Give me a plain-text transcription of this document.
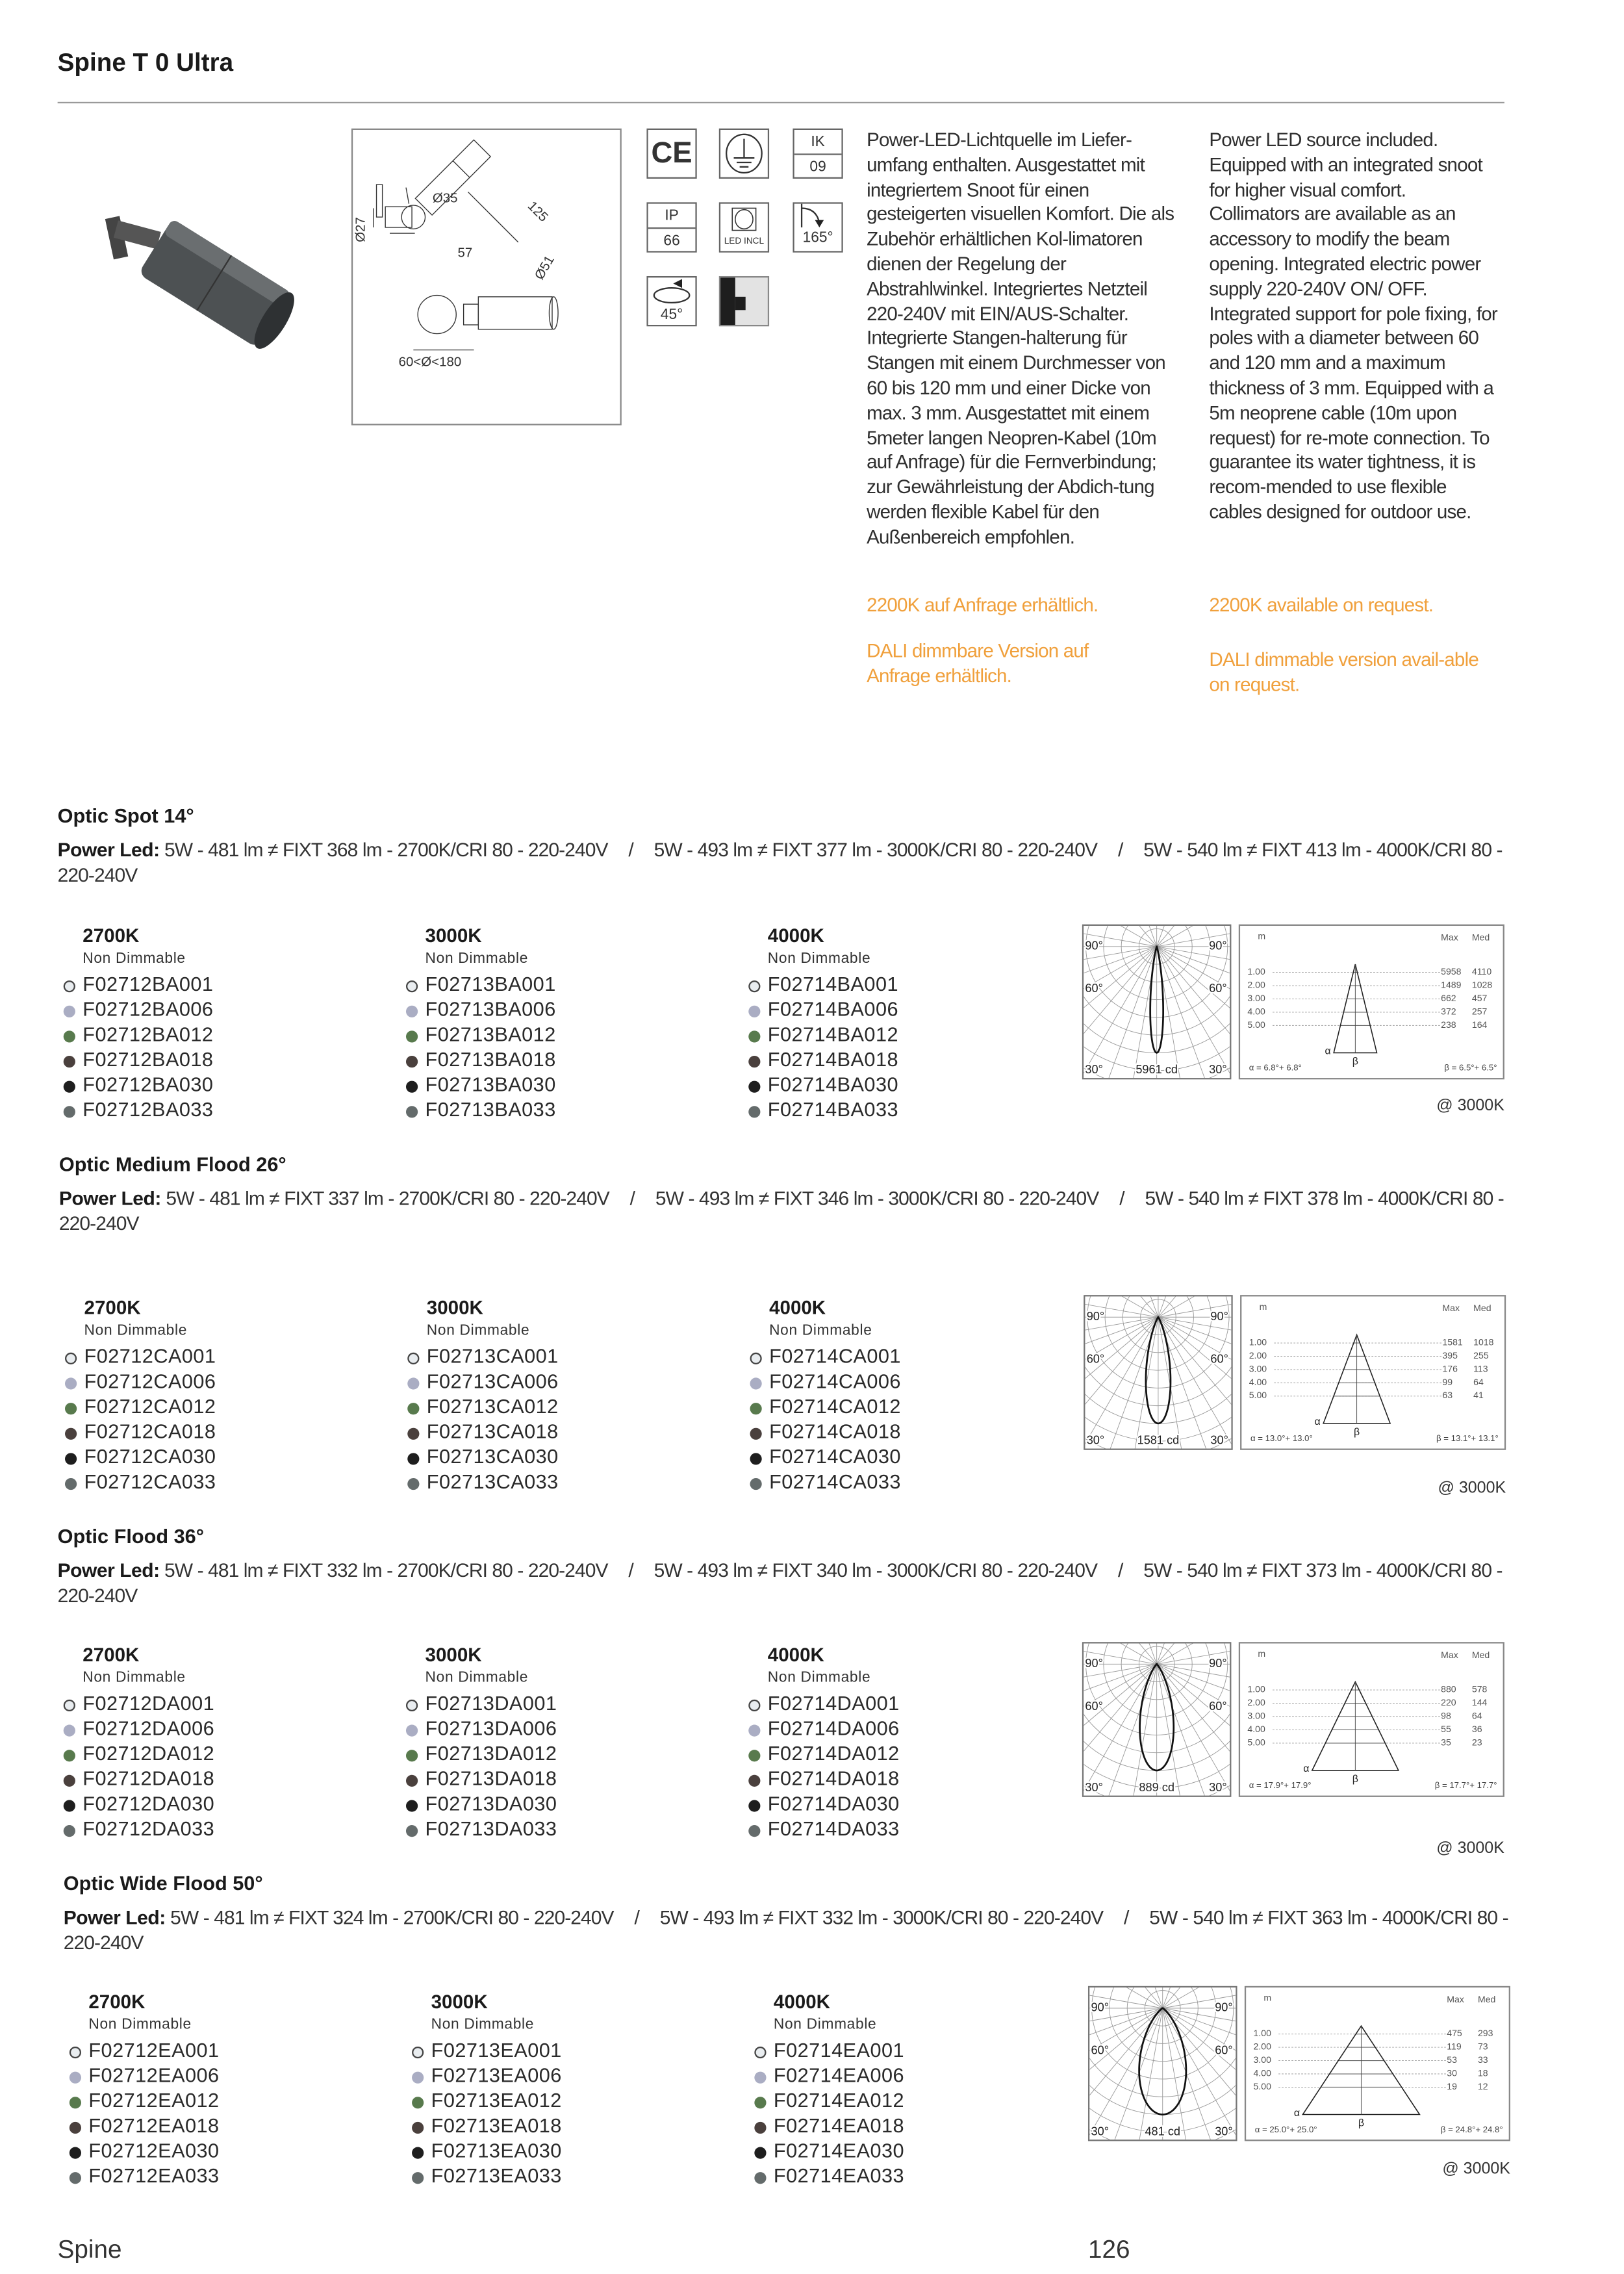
Spine T 0 Ultra
Ø35
Ø27
57
125
Ø51
60<Ø<180
CE	IK
09
IP
66	LED INCL	165°
45°
Power-LED-Lichtquelle im Liefer-umfang enthalten. Ausgestattet mit integriertem Snoot für einen gesteigerten visuellen Komfort. Die als Zubehör erhältlichen Kol-limatoren dienen der Regelung der Abstrahlwinkel. Integriertes Netzteil 220-240V mit EIN/AUS-Schalter. Integrierte Stangen-halterung für Stangen mit einem Durchmesser von 60 bis 120 mm und einer Dicke von max. 3 mm. Ausgestattet mit einem 5meter langen Neopren-Kabel (10m auf Anfrage) für die Fernverbindung; zur Gewährleistung der Abdich-tung werden flexible Kabel für den Außenbereich empfohlen.
Power LED source included. Equipped with an integrated snoot for higher visual comfort. Collimators are available as an accessory to modify the beam opening. Integrated electric power supply 220-240V ON/ OFF. Integrated support for pole fixing, for poles with a diameter between 60 and 120 mm and a maximum thickness of 3 mm. Equipped with a 5m neoprene cable (10m upon request) for re-mote connection. To guarantee its water tightness, it is recom-mended to use flexible cables designed for outdoor use.
2200K auf Anfrage erhältlich.
DALI dimmbare Version auf Anfrage erhältlich.
2200K available on request.
DALI dimmable version avail-able on request.
Spine	126
Optic Spot 14°
Power Led: 5W - 481 lm ≠ FIXT 368 lm - 2700K/CRI 80 - 220-240V / 5W - 493 lm ≠ FIXT 377 lm - 3000K/CRI 80 - 220-240V / 5W - 540 lm ≠ FIXT 413 lm - 4000K/CRI 80 - 220-240V
2700K
Non Dimmable
F02712BA001
F02712BA006
F02712BA012
F02712BA018
F02712BA030
F02712BA033
3000K
Non Dimmable
F02713BA001
F02713BA006
F02713BA012
F02713BA018
F02713BA030
F02713BA033
4000K
Non Dimmable
F02714BA001
F02714BA006
F02714BA012
F02714BA018
F02714BA030
F02714BA033
90°	90°
60°	60°
30°	30°
5961 cd
m	Max	Med
1.00	5958	4110
2.00	1489	1028
3.00	662	457
4.00	372	257
5.00	238	164
α
β
α = 6.8°+ 6.8°	β = 6.5°+ 6.5°
@ 3000K
Optic Medium Flood 26°
Power Led: 5W - 481 lm ≠ FIXT 337 lm - 2700K/CRI 80 - 220-240V / 5W - 493 lm ≠ FIXT 346 lm - 3000K/CRI 80 - 220-240V / 5W - 540 lm ≠ FIXT 378 lm - 4000K/CRI 80 - 220-240V
2700K
Non Dimmable
F02712CA001
F02712CA006
F02712CA012
F02712CA018
F02712CA030
F02712CA033
3000K
Non Dimmable
F02713CA001
F02713CA006
F02713CA012
F02713CA018
F02713CA030
F02713CA033
4000K
Non Dimmable
F02714CA001
F02714CA006
F02714CA012
F02714CA018
F02714CA030
F02714CA033
90°	90°
60°	60°
30°	30°
1581 cd
m	Max	Med
1.00	1581	1018
2.00	395	255
3.00	176	113
4.00	99	64
5.00	63	41
α
β
α = 13.0°+ 13.0°	β = 13.1°+ 13.1°
@ 3000K
Optic Flood 36°
Power Led: 5W - 481 lm ≠ FIXT 332 lm - 2700K/CRI 80 - 220-240V / 5W - 493 lm ≠ FIXT 340 lm - 3000K/CRI 80 - 220-240V / 5W - 540 lm ≠ FIXT 373 lm - 4000K/CRI 80 - 220-240V
2700K
Non Dimmable
F02712DA001
F02712DA006
F02712DA012
F02712DA018
F02712DA030
F02712DA033
3000K
Non Dimmable
F02713DA001
F02713DA006
F02713DA012
F02713DA018
F02713DA030
F02713DA033
4000K
Non Dimmable
F02714DA001
F02714DA006
F02714DA012
F02714DA018
F02714DA030
F02714DA033
90°	90°
60°	60°
30°	30°
889 cd
m	Max	Med
1.00	880	578
2.00	220	144
3.00	98	64
4.00	55	36
5.00	35	23
α
β
α = 17.9°+ 17.9°	β = 17.7°+ 17.7°
@ 3000K
Optic Wide Flood 50°
Power Led: 5W - 481 lm ≠ FIXT 324 lm - 2700K/CRI 80 - 220-240V / 5W - 493 lm ≠ FIXT 332 lm - 3000K/CRI 80 - 220-240V / 5W - 540 lm ≠ FIXT 363 lm - 4000K/CRI 80 - 220-240V
2700K
Non Dimmable
F02712EA001
F02712EA006
F02712EA012
F02712EA018
F02712EA030
F02712EA033
3000K
Non Dimmable
F02713EA001
F02713EA006
F02713EA012
F02713EA018
F02713EA030
F02713EA033
4000K
Non Dimmable
F02714EA001
F02714EA006
F02714EA012
F02714EA018
F02714EA030
F02714EA033
90°	90°
60°	60°
30°	30°
481 cd
m	Max	Med
1.00	475	293
2.00	119	73
3.00	53	33
4.00	30	18
5.00	19	12
α
β
α = 25.0°+ 25.0°	β = 24.8°+ 24.8°
@ 3000K
